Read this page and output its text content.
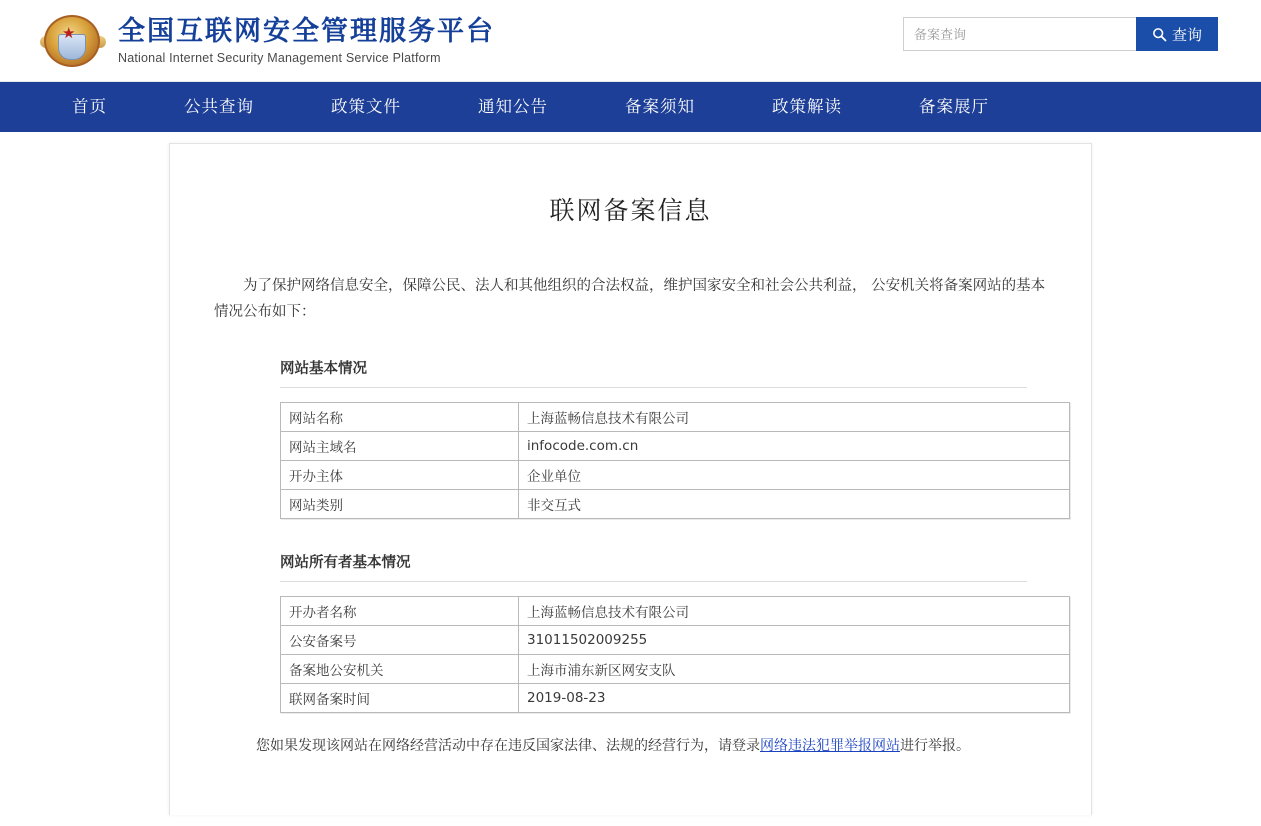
★ 全国互联网安全管理服务平台
National Internet Security Management Service Platform
备案查询
查询
首页	公共查询	政策文件	通知公告	备案须知	政策解读	备案展厅
联网备案信息

为了保护网络信息安全，保障公民、法人和其他组织的合法权益，维护国家安全和社会公共利益， 公安机关将备案网站的基本情况公布如下：

网站基本情况
网站名称	上海蓝畅信息技术有限公司
网站主域名	infocode.com.cn
开办主体	企业单位
网站类别	非交互式
网站所有者基本情况
开办者名称	上海蓝畅信息技术有限公司
公安备案号	31011502009255
备案地公安机关	上海市浦东新区网安支队
联网备案时间	2019-08-23
您如果发现该网站在网络经营活动中存在违反国家法律、法规的经营行为，请登录网络违法犯罪举报网站进行举报。
